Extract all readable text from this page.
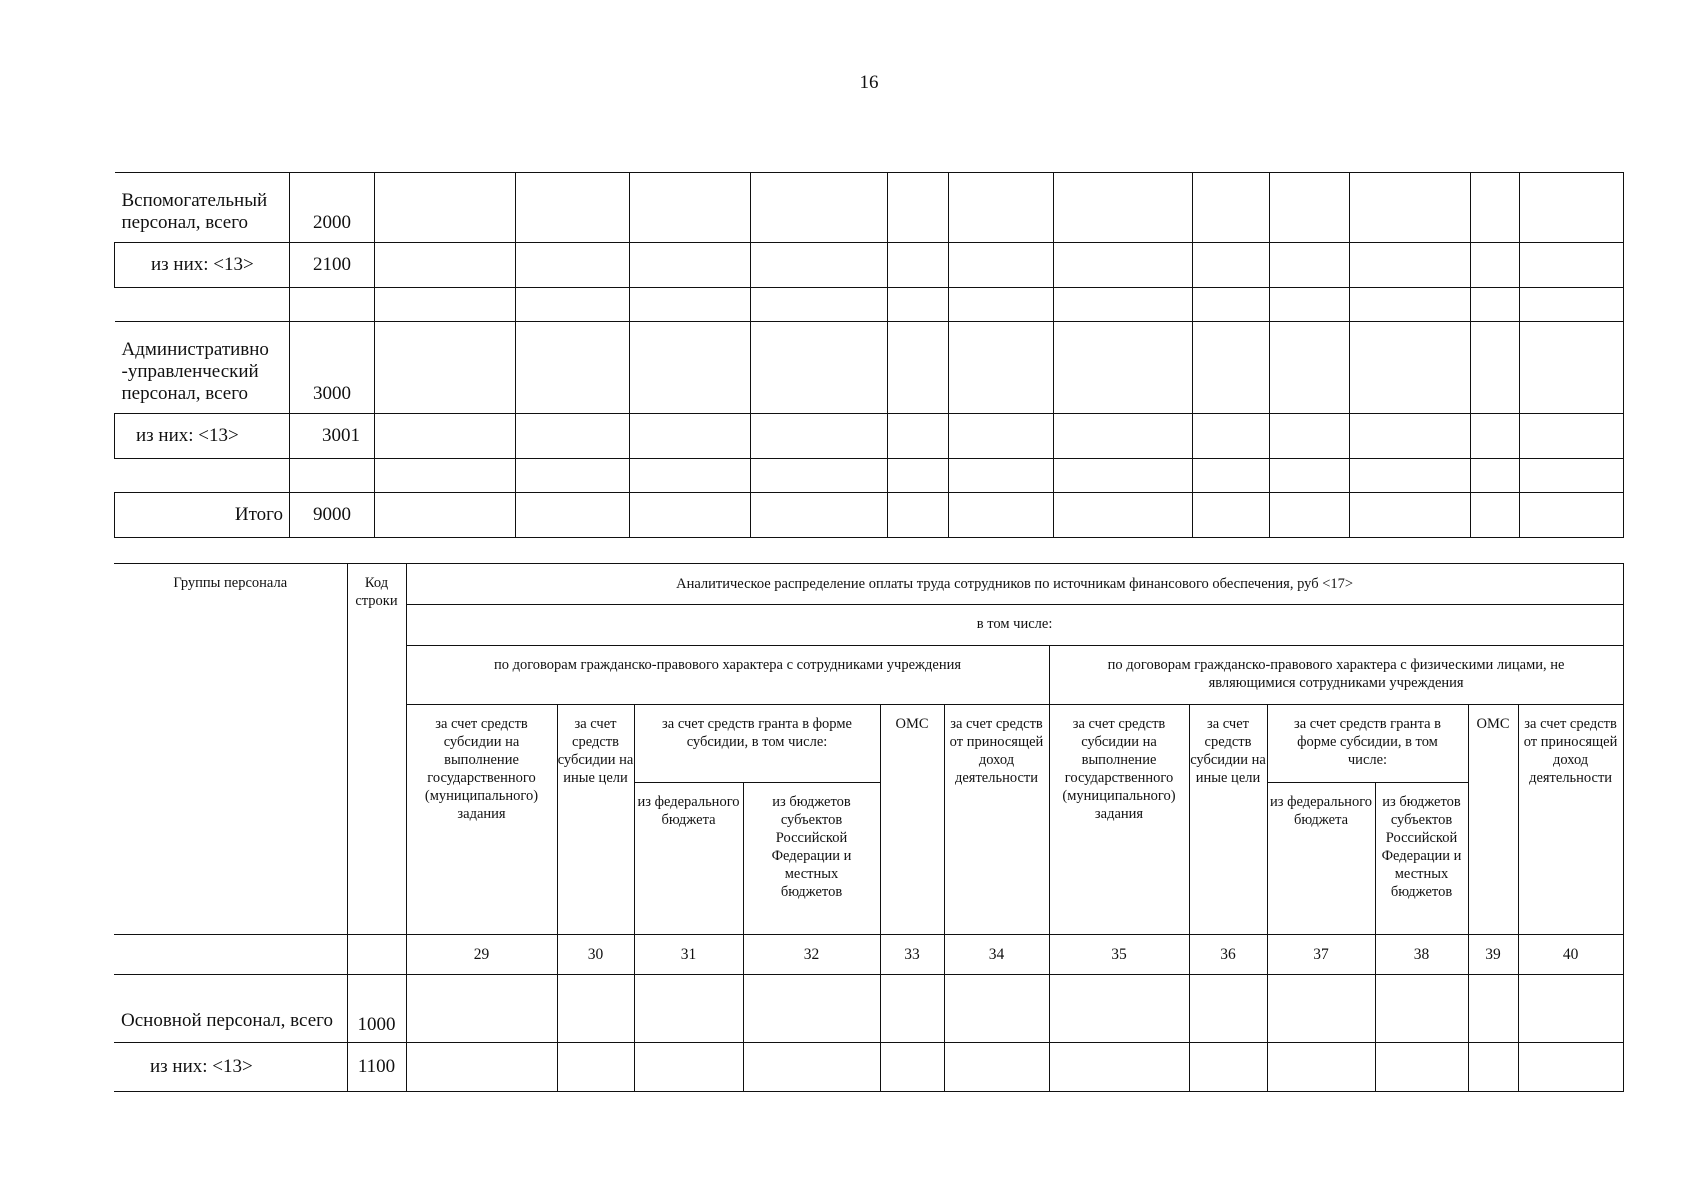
16
Вспомогательный персонал, всего	2000												
из них: <13>	2100												

Административно -управленческий персонал, всего	3000												
из них: <13>	3001												

Итого	9000												
Группы персонала	Код строки	Аналитическое распределение оплаты труда сотрудников по источникам финансового обеспечения, руб <17>											
		в том числе:											
		по договорам гражданско-правового характера с сотрудниками учреждения						по договорам гражданско-правового характера с физическими лицами, не являющимися сотрудниками учреждения					
		за счет средств субсидии на выполнение государственного (муниципального) задания	за счет средств субсидии на иные цели	за счет средств гранта в форме субсидии, в том числе:		ОМС	за счет средств от приносящей доход деятельности	за счет средств субсидии на выполнение государственного (муниципального) задания	за счет средств субсидии на иные цели	за счет средств гранта в форме субсидии, в том числе:		ОМС	за счет средств от приносящей доход деятельности
				из федерального бюджета	из бюджетов субъектов Российской Федерации и местных бюджетов					из федерального бюджета	из бюджетов субъектов Российской Федерации и местных бюджетов		
		29	30	31	32	33	34	35	36	37	38	39	40
Основной персонал, всего	1000												
из них: <13>	1100												
